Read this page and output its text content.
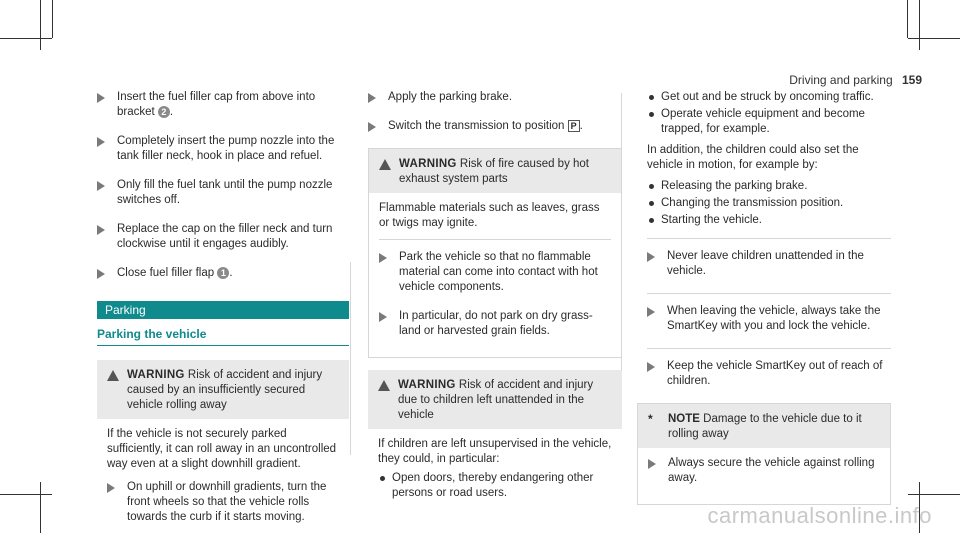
Driving and parking 159
Insert the fuel filler cap from above into bracket 2 .
Completely insert the pump nozzle into the tank filler neck, hook in place and refuel.
Only fill the fuel tank until the pump nozzle switches off.
Replace the cap on the filler neck and turn clockwise until it engages audibly.
Close fuel filler flap 1 .
Parking
Parking the vehicle
WARNING Risk of accident and injury caused by an insufficiently secured vehicle rolling away

If the vehicle is not securely parked sufficiently, it can roll away in an uncontrolled way even at a slight downhill gradient.

On uphill or downhill gradients, turn the front wheels so that the vehicle rolls towards the curb if it starts moving.
Apply the parking brake.
Switch the transmission to position P .
WARNING Risk of fire caused by hot exhaust system parts

Flammable materials such as leaves, grass or twigs may ignite.

Park the vehicle so that no flammable material can come into contact with hot vehicle components.
In particular, do not park on dry grass-land or harvested grain fields.
WARNING Risk of accident and injury due to children left unattended in the vehicle

If children are left unsupervised in the vehicle, they could, in particular:

Open doors, thereby endangering other persons or road users.
Get out and be struck by oncoming traffic.
Operate vehicle equipment and become trapped, for example.
In addition, the children could also set the vehicle in motion, for example by:
Releasing the parking brake.
Changing the transmission position.
Starting the vehicle.
Never leave children unattended in the vehicle.
When leaving the vehicle, always take the SmartKey with you and lock the vehicle.
Keep the vehicle SmartKey out of reach of children.
*	NOTE Damage to the vehicle due to it rolling away
Always secure the vehicle against rolling away.
carmanualsonline.info
